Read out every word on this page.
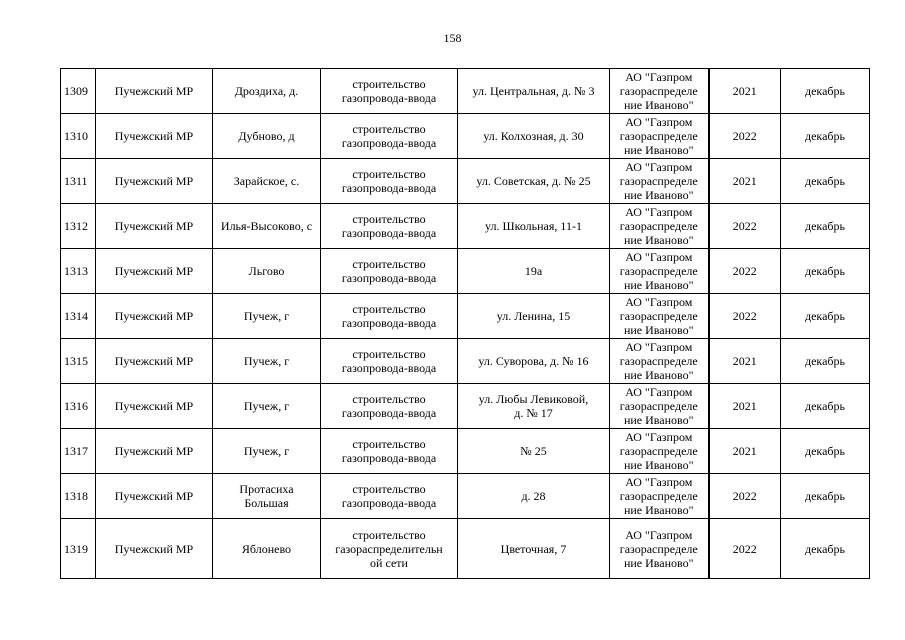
158
1309	Пучежский МР	Дроздиха, д.	строительство
газопровода-ввода	ул. Центральная, д. № 3	АО "Газпром
газораспределе
ние Иваново"	2021	декабрь
1310	Пучежский МР	Дубново, д	строительство
газопровода-ввода	ул. Колхозная, д. 30	АО "Газпром
газораспределе
ние Иваново"	2022	декабрь
1311	Пучежский МР	Зарайское, с.	строительство
газопровода-ввода	ул. Советская, д. № 25	АО "Газпром
газораспределе
ние Иваново"	2021	декабрь
1312	Пучежский МР	Илья-Высоково, с	строительство
газопровода-ввода	ул. Школьная, 11-1	АО "Газпром
газораспределе
ние Иваново"	2022	декабрь
1313	Пучежский МР	Льгово	строительство
газопровода-ввода	19а	АО "Газпром
газораспределе
ние Иваново"	2022	декабрь
1314	Пучежский МР	Пучеж, г	строительство
газопровода-ввода	ул. Ленина, 15	АО "Газпром
газораспределе
ние Иваново"	2022	декабрь
1315	Пучежский МР	Пучеж, г	строительство
газопровода-ввода	ул. Суворова, д. № 16	АО "Газпром
газораспределе
ние Иваново"	2021	декабрь
1316	Пучежский МР	Пучеж, г	строительство
газопровода-ввода	ул. Любы Левиковой,
д. № 17	АО "Газпром
газораспределе
ние Иваново"	2021	декабрь
1317	Пучежский МР	Пучеж, г	строительство
газопровода-ввода	№ 25	АО "Газпром
газораспределе
ние Иваново"	2021	декабрь
1318	Пучежский МР	Протасиха
Большая	строительство
газопровода-ввода	д. 28	АО "Газпром
газораспределе
ние Иваново"	2022	декабрь
1319	Пучежский МР	Яблонево	строительство
газораспределительн
ой сети	Цветочная, 7	АО "Газпром
газораспределе
ние Иваново"	2022	декабрь
